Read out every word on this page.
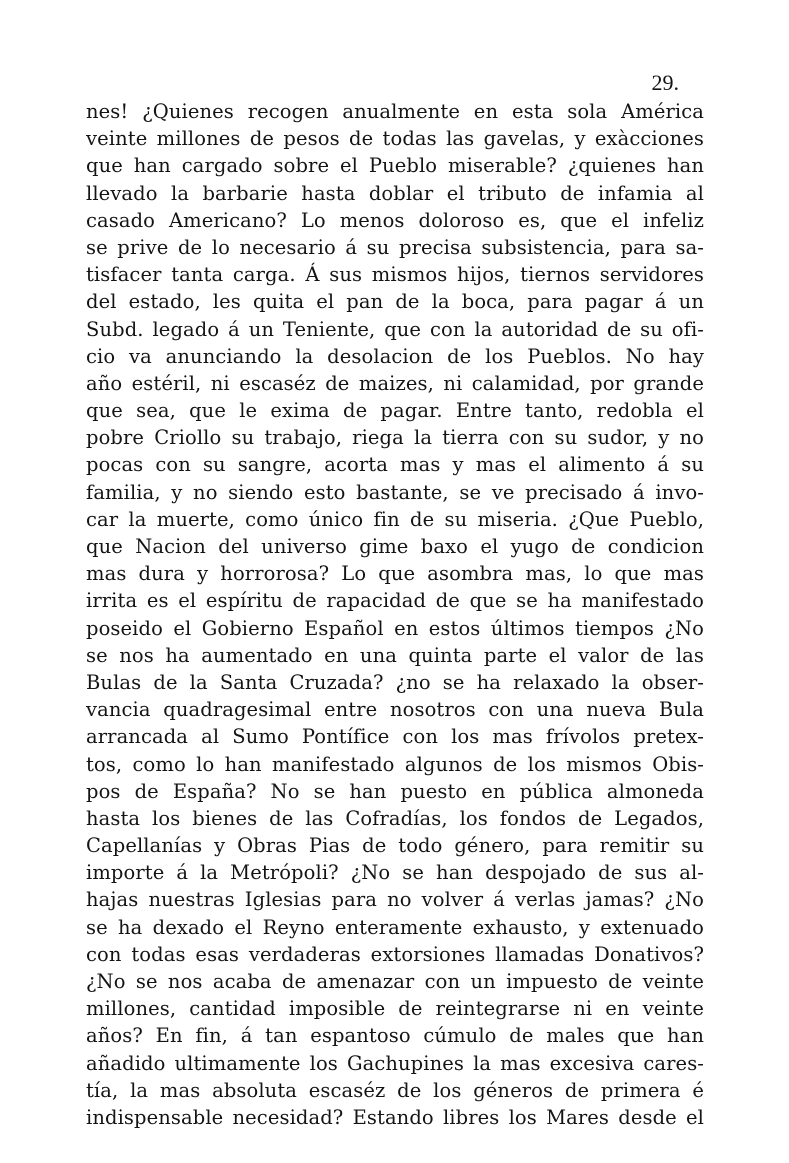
29.
nes! ¿Quienes recogen anualmente en esta sola América
veinte millones de pesos de todas las gavelas, y exàcciones
que han cargado sobre el Pueblo miserable? ¿quienes han
llevado la barbarie hasta doblar el tributo de infamia al
casado Americano? Lo menos doloroso es, que el infeliz
se prive de lo necesario á su precisa subsistencia, para sa-
tisfacer tanta carga. Á sus mismos hijos, tiernos servidores
del estado, les quita el pan de la boca, para pagar á un
Subd. legado á un Teniente, que con la autoridad de su ofi-
cio va anunciando la desolacion de los Pueblos. No hay
año estéril, ni escaséz de maizes, ni calamidad, por grande
que sea, que le exima de pagar. Entre tanto, redobla el
pobre Criollo su trabajo, riega la tierra con su sudor, y no
pocas con su sangre, acorta mas y mas el alimento á su
familia, y no siendo esto bastante, se ve precisado á invo-
car la muerte, como único fin de su miseria. ¿Que Pueblo,
que Nacion del universo gime baxo el yugo de condicion
mas dura y horrorosa? Lo que asombra mas, lo que mas
irrita es el espíritu de rapacidad de que se ha manifestado
poseido el Gobierno Español en estos últimos tiempos ¿No
se nos ha aumentado en una quinta parte el valor de las
Bulas de la Santa Cruzada? ¿no se ha relaxado la obser-
vancia quadragesimal entre nosotros con una nueva Bula
arrancada al Sumo Pontífice con los mas frívolos pretex-
tos, como lo han manifestado algunos de los mismos Obis-
pos de España? No se han puesto en pública almoneda
hasta los bienes de las Cofradías, los fondos de Legados,
Capellanías y Obras Pias de todo género, para remitir su
importe á la Metrópoli? ¿No se han despojado de sus al-
hajas nuestras Iglesias para no volver á verlas jamas? ¿No
se ha dexado el Reyno enteramente exhausto, y extenuado
con todas esas verdaderas extorsiones llamadas Donativos?
¿No se nos acaba de amenazar con un impuesto de veinte
millones, cantidad imposible de reintegrarse ni en veinte
años? En fin, á tan espantoso cúmulo de males que han
añadido ultimamente los Gachupines la mas excesiva cares-
tía, la mas absoluta escaséz de los géneros de primera é
indispensable necesidad? Estando libres los Mares desde el
